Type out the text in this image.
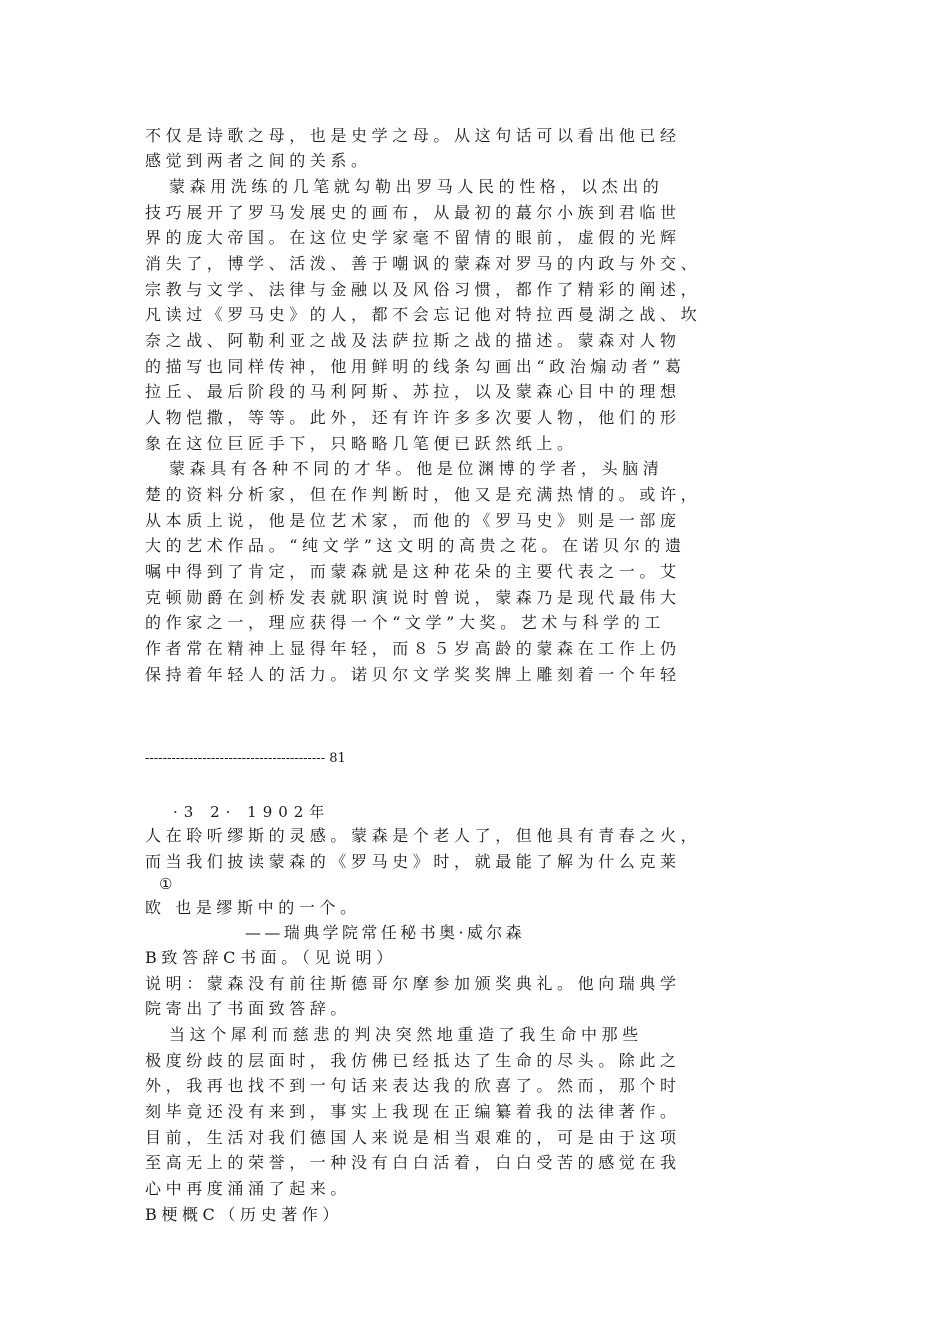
不仅是诗歌之母，也是史学之母。从这句话可以看出他已经
感觉到两者之间的关系。
蒙森用洗练的几笔就勾勒出罗马人民的性格，以杰出的
技巧展开了罗马发展史的画布，从最初的蕞尔小族到君临世
界的庞大帝国。在这位史学家毫不留情的眼前，虚假的光辉
消失了，博学、活泼、善于嘲讽的蒙森对罗马的内政与外交、
宗教与文学、法律与金融以及风俗习惯，都作了精彩的阐述，
凡读过《罗马史》的人，都不会忘记他对特拉西曼湖之战、坎
奈之战、阿勒利亚之战及法萨拉斯之战的描述。蒙森对人物
的描写也同样传神，他用鲜明的线条勾画出“政治煽动者”葛
拉丘、最后阶段的马利阿斯、苏拉，以及蒙森心目中的理想
人物恺撒，等等。此外，还有许许多多次要人物，他们的形
象在这位巨匠手下，只略略几笔便已跃然纸上。
蒙森具有各种不同的才华。他是位渊博的学者，头脑清
楚的资料分析家，但在作判断时，他又是充满热情的。或许，
从本质上说，他是位艺术家，而他的《罗马史》则是一部庞
大的艺术作品。“纯文学”这文明的高贵之花。在诺贝尔的遗
嘱中得到了肯定，而蒙森就是这种花朵的主要代表之一。艾
克顿勋爵在剑桥发表就职演说时曾说，蒙森乃是现代最伟大
的作家之一，理应获得一个“文学”大奖。艺术与科学的工
作者常在精神上显得年轻，而８５岁高龄的蒙森在工作上仍
保持着年轻人的活力。诺贝尔文学奖奖牌上雕刻着一个年轻
----------------------------------------- 81
·3 2· 1902年
人在聆听缪斯的灵感。蒙森是个老人了，但他具有青春之火，
而当我们披读蒙森的《罗马史》时，就最能了解为什么克莱
①
欧 也是缪斯中的一个。
——瑞典学院常任秘书奥·威尔森
B致答辞C书面。（见说明）
说明：蒙森没有前往斯德哥尔摩参加颁奖典礼。他向瑞典学
院寄出了书面致答辞。
当这个犀利而慈悲的判决突然地重造了我生命中那些
极度纷歧的层面时，我仿佛已经抵达了生命的尽头。除此之
外，我再也找不到一句话来表达我的欣喜了。然而，那个时
刻毕竟还没有来到，事实上我现在正编纂着我的法律著作。
目前，生活对我们德国人来说是相当艰难的，可是由于这项
至高无上的荣誉，一种没有白白活着，白白受苦的感觉在我
心中再度涌涌了起来。
B梗概C（历史著作）
